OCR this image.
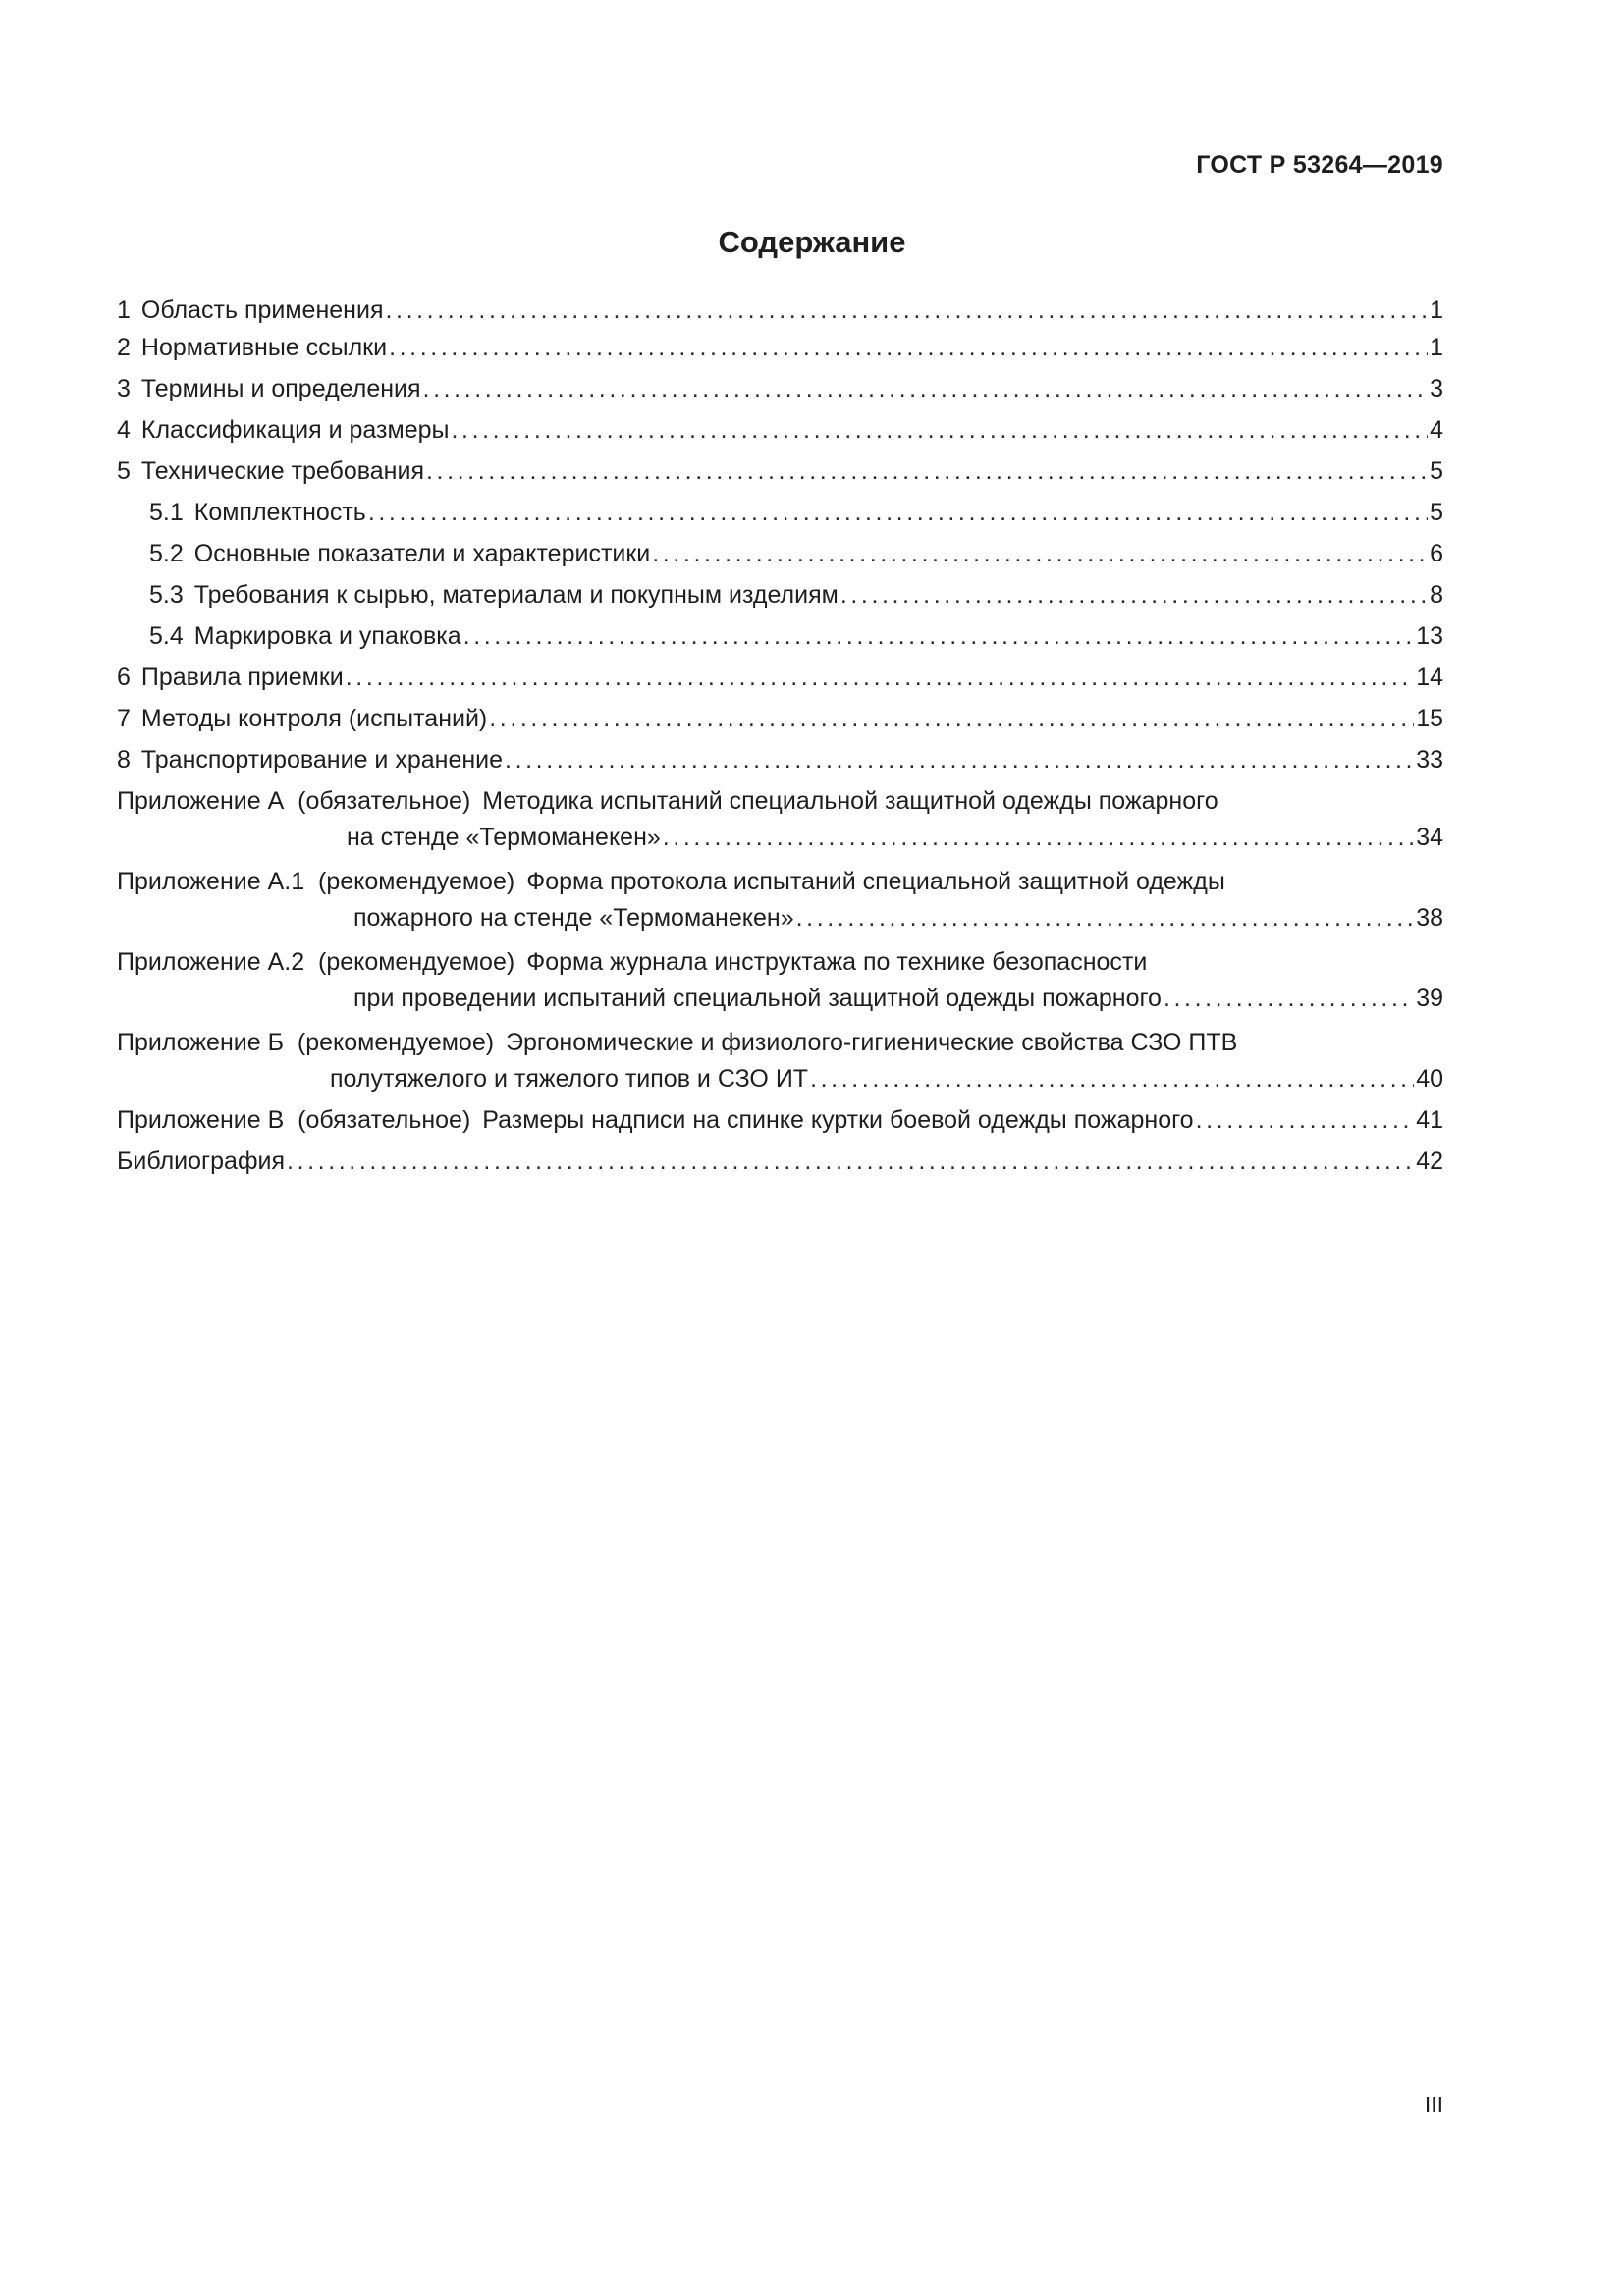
ГОСТ Р 53264—2019
Содержание
1 Область применения .....	1
2 Нормативные ссылки .....	1
3 Термины и определения .....	3
4 Классификация и размеры .....	4
5 Технические требования .....	5
5.1 Комплектность .....	5
5.2 Основные показатели и характеристики .....	6
5.3 Требования к сырью, материалам и покупным изделиям .....	8
5.4 Маркировка и упаковка .....	13
6 Правила приемки .....	14
7 Методы контроля (испытаний) .....	15
8 Транспортирование и хранение .....	33
Приложение А  (обязательное) Методика испытаний специальной защитной одежды пожарного
на стенде «Термоманекен» .....	34
Приложение А.1  (рекомендуемое) Форма протокола испытаний специальной защитной одежды
пожарного на стенде «Термоманекен» .....	38
Приложение А.2  (рекомендуемое) Форма журнала инструктажа по технике безопасности
при проведении испытаний специальной защитной одежды пожарного .....	39
Приложение Б  (рекомендуемое) Эргономические и физиолого-гигиенические свойства СЗО ПТВ
полутяжелого и тяжелого типов и СЗО ИТ .....	40
Приложение В  (обязательное) Размеры надписи на спинке куртки боевой одежды пожарного .....	41
Библиография .....	42
III
